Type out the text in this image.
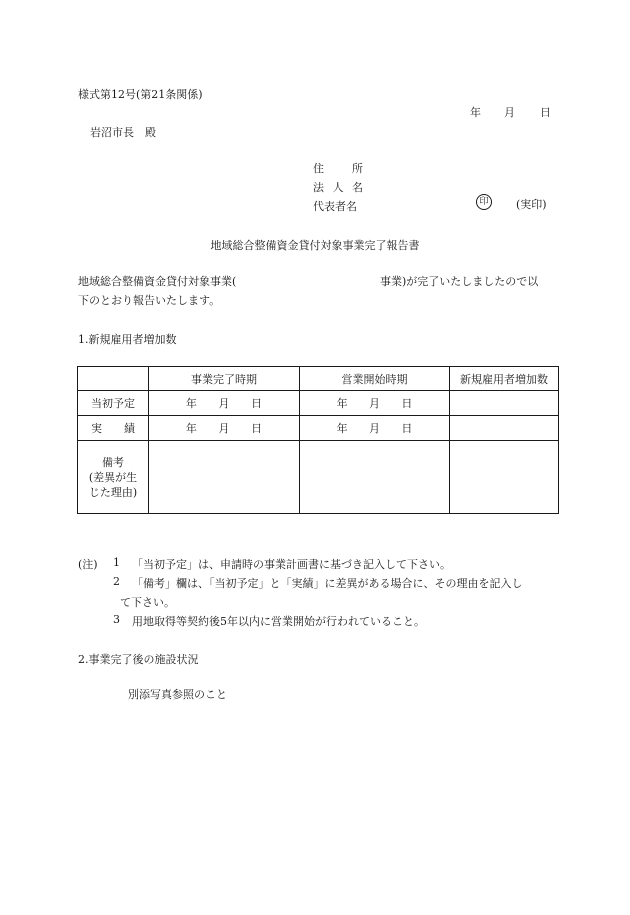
様式第12号(第21条関係)
年 月 日
岩沼市長　殿
住	所
法 人 名
代表者名	印	(実印)
地域総合整備資金貸付対象事業完了報告書
地域総合整備資金貸付対象事業(	事業)が完了いたしましたので以
下のとおり報告いたします。
1.新規雇用者増加数
	事業完了時期	営業開始時期	新規雇用者増加数
当初予定	年 月 日	年 月 日	

実　　績	年 月 日	年 月 日	

備考
(差異が生
じた理由)			

(注) 1 「当初予定」は、申請時の事業計画書に基づき記入して下さい。
2 「備考」欄は、「当初予定」と「実績」に差異がある場合に、その理由を記入し
て下さい。
3 用地取得等契約後5年以内に営業開始が行われていること。
2.事業完了後の施設状況
別添写真参照のこと
